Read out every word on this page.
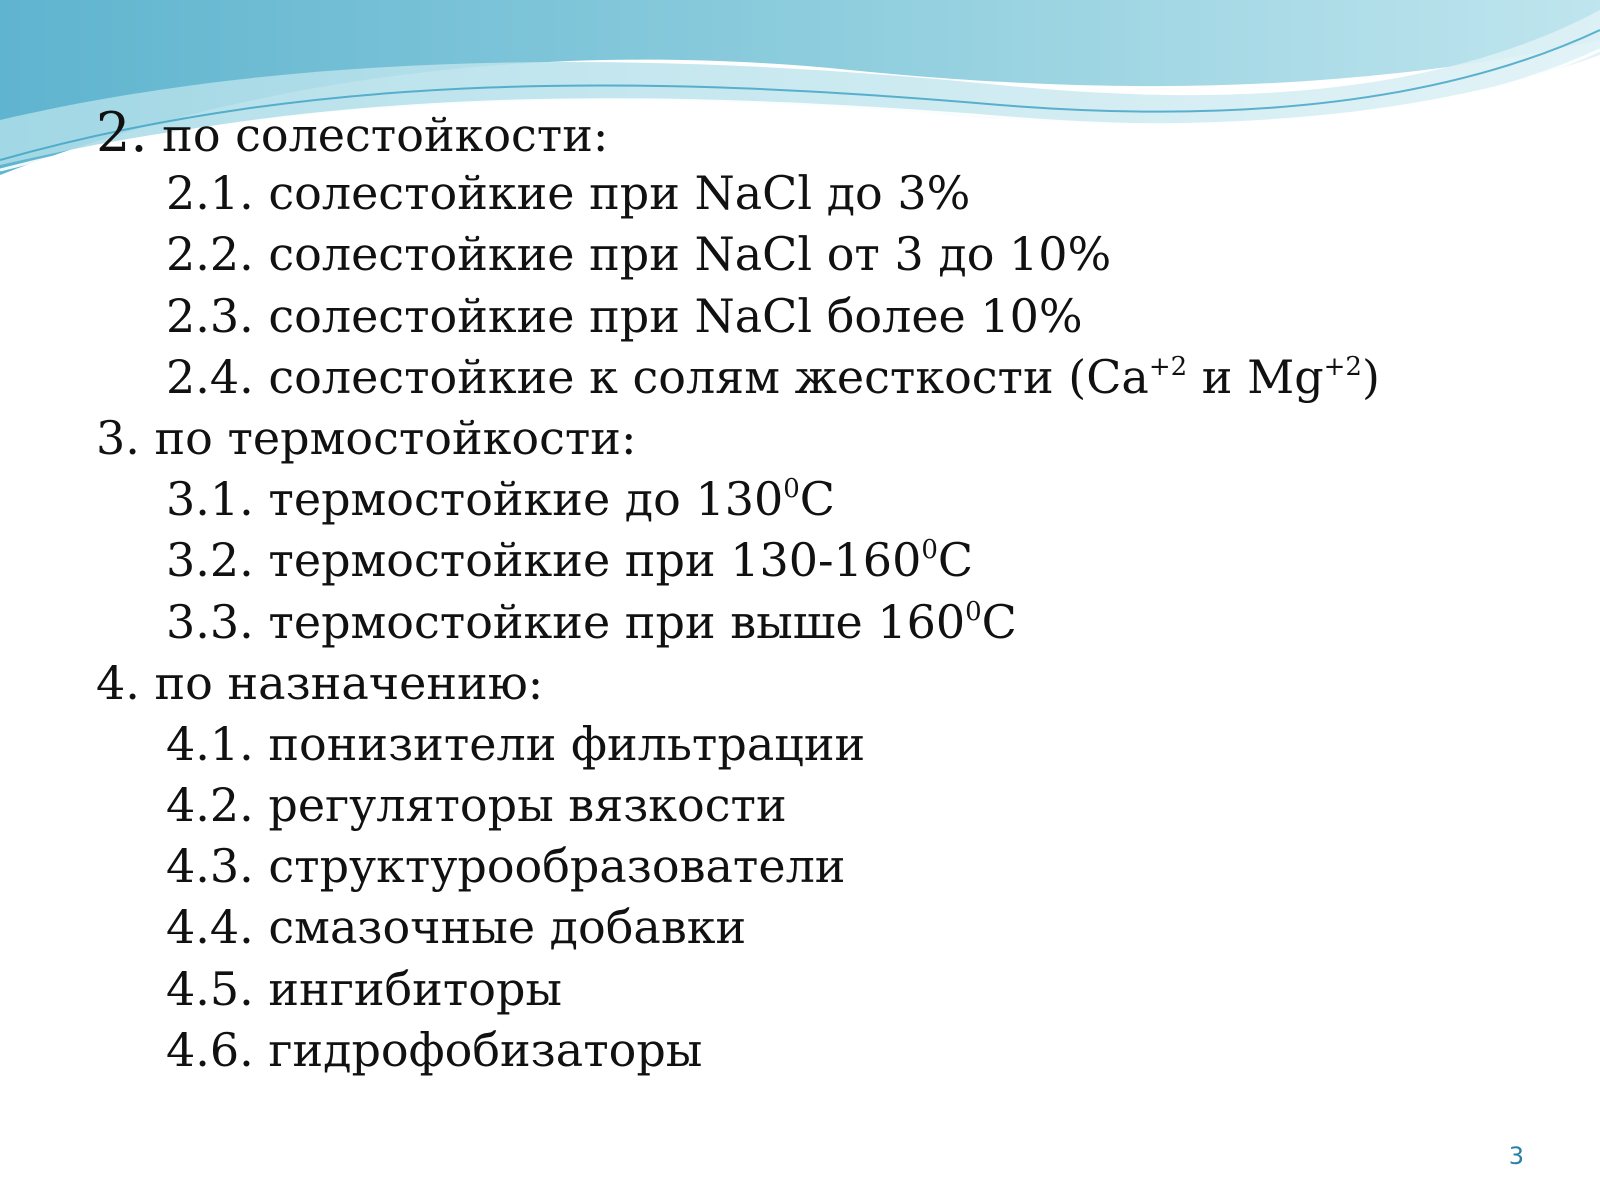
2. по солестойкости:
2.1. солестойкие при NaCl до 3%
2.2. солестойкие при NaCl от 3 до 10%
2.3. солестойкие при NaCl более 10%
2.4. солестойкие к солям жесткости ($Ca^{+2}$ и $Mg^{+2}$)
3. по термостойкости:
3.1. термостойкие до $130^0С$
3.2. термостойкие при $130-160^0С$
3.3. термостойкие при выше $160^0С$
4. по назначению:
4.1. понизители фильтрации
4.2. регуляторы вязкости
4.3. структурообразователи
4.4. смазочные добавки
4.5. ингибиторы
4.6. гидрофобизаторы
3
